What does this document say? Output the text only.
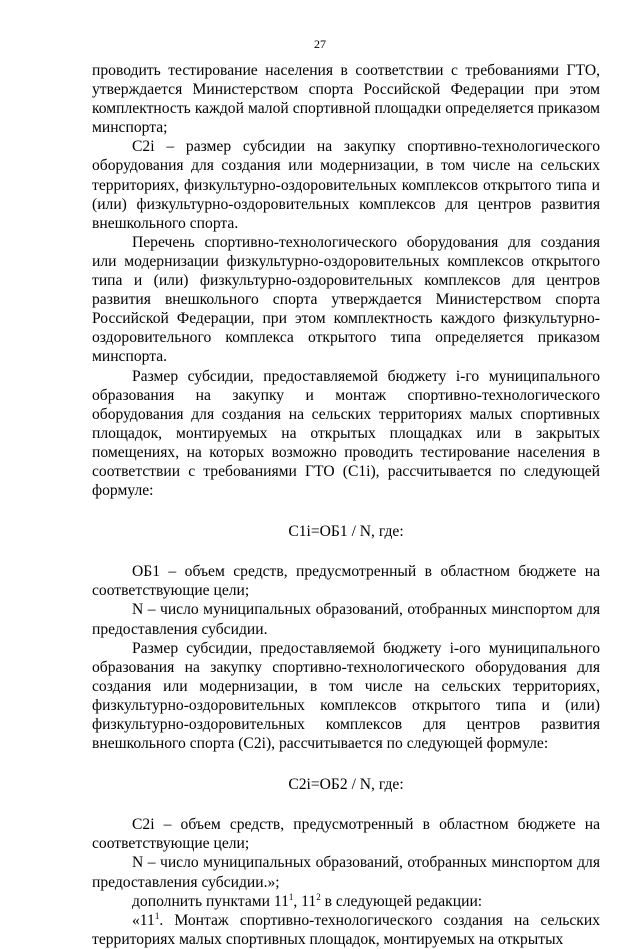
27

проводить тестирование населения в соответствии с требованиями ГТО, утверждается Министерством спорта Российской Федерации при этом комплектность каждой малой спортивной площадки определяется приказом минспорта;

С2i – размер субсидии на закупку спортивно-технологического оборудования для создания или модернизации, в том числе на сельских территориях, физкультурно-оздоровительных комплексов открытого типа и (или) физкультурно-оздоровительных комплексов для центров развития внешкольного спорта.

Перечень спортивно-технологического оборудования для создания или модернизации физкультурно-оздоровительных комплексов открытого типа и (или) физкультурно-оздоровительных комплексов для центров развития внешкольного спорта утверждается Министерством спорта Российской Федерации, при этом комплектность каждого физкультурно-оздоровительного комплекса открытого типа определяется приказом минспорта.

Размер субсидии, предоставляемой бюджету i-го муниципального образования на закупку и монтаж спортивно-технологического оборудования для создания на сельских территориях малых спортивных площадок, монтируемых на открытых площадках или в закрытых помещениях, на которых возможно проводить тестирование населения в соответствии с требованиями ГТО (С1i), рассчитывается по следующей формуле:

С1i=ОБ1 / N, где:

ОБ1 – объем средств, предусмотренный в областном бюджете на соответствующие цели;

N – число муниципальных образований, отобранных минспортом для предоставления субсидии.

Размер субсидии, предоставляемой бюджету i-ого муниципального образования на закупку спортивно-технологического оборудования для создания или модернизации, в том числе на сельских территориях, физкультурно-оздоровительных комплексов открытого типа и (или) физкультурно-оздоровительных комплексов для центров развития внешкольного спорта (С2i), рассчитывается по следующей формуле:

С2i=ОБ2 / N, где:

С2i – объем средств, предусмотренный в областном бюджете на соответствующие цели;

N – число муниципальных образований, отобранных минспортом для предоставления субсидии.»;

дополнить пунктами $11^1$, $11^2$ в следующей редакции:

«$11^1$. Монтаж спортивно-технологического создания на сельских территориях малых спортивных площадок, монтируемых на открытых
